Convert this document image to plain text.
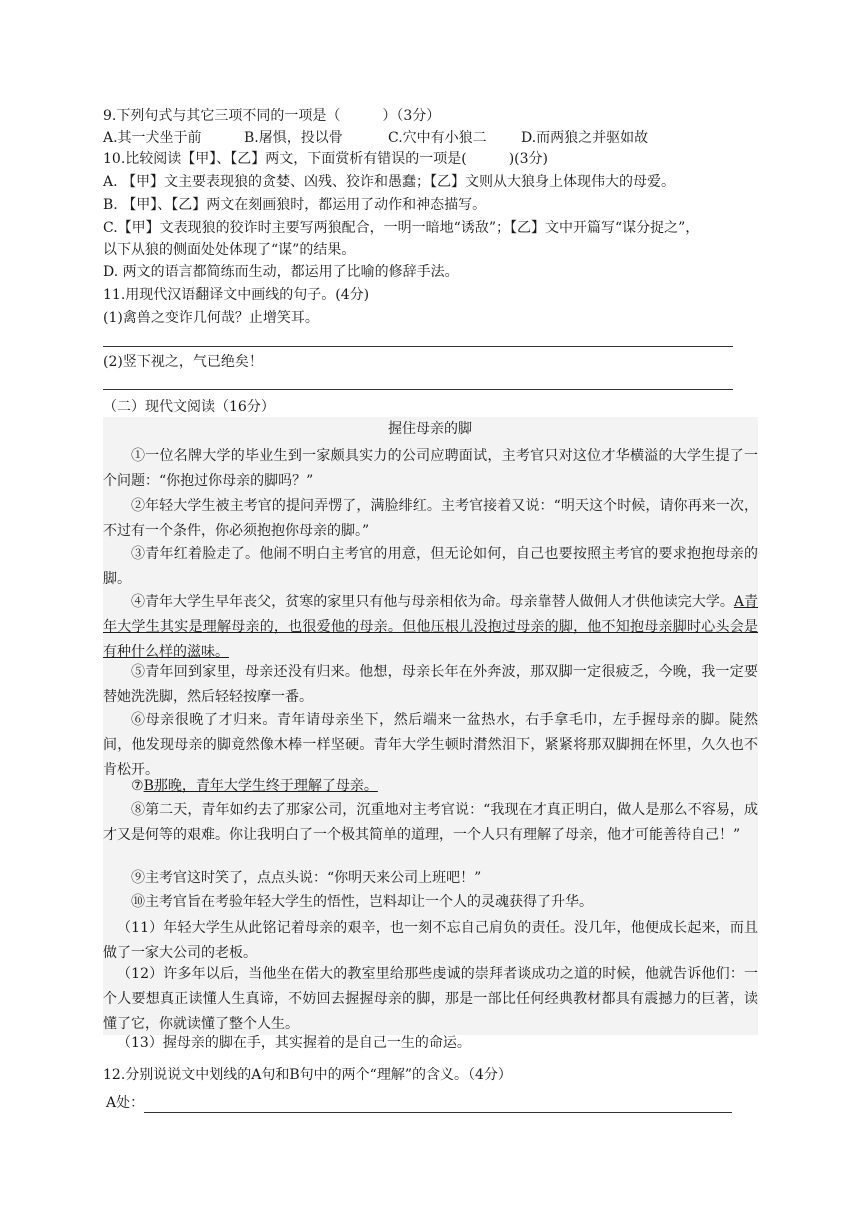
9.下列句式与其它三项不同的一项是（　　　）（3分）
A.其一犬坐于前	B.屠惧，投以骨	C.穴中有小狼二 D.而两狼之并驱如故
10.比较阅读【甲】、【乙】两文，下面赏析有错误的一项是(　　　)(3分)
A. 【甲】文主要表现狼的贪婪、凶残、狡诈和愚蠢；【乙】文则从大狼身上体现伟大的母爱。
B. 【甲】、【乙】两文在刻画狼时，都运用了动作和神态描写。
C.【甲】文表现狼的狡诈时主要写两狼配合，一明一暗地“诱敌”；【乙】文中开篇写“谋分捉之”，
以下从狼的侧面处处体现了“谋”的结果。
D. 两文的语言都简练而生动，都运用了比喻的修辞手法。
11.用现代汉语翻译文中画线的句子。(4分)
(1)禽兽之变诈几何哉？止增笑耳。
(2)竖下视之，气已绝矣！
（二）现代文阅读（16分）
握住母亲的脚
①一位名牌大学的毕业生到一家颇具实力的公司应聘面试，主考官只对这位才华横溢的大学生提了一个问题：“你抱过你母亲的脚吗？”
②年轻大学生被主考官的提问弄愣了，满脸绯红。主考官接着又说：“明天这个时候，请你再来一次，不过有一个条件，你必须抱抱你母亲的脚。”
③青年红着脸走了。他闹不明白主考官的用意，但无论如何，自己也要按照主考官的要求抱抱母亲的脚。
④青年大学生早年丧父，贫寒的家里只有他与母亲相依为命。母亲靠替人做佣人才供他读完大学。A青年大学生其实是理解母亲的，也很爱他的母亲。但他压根儿没抱过母亲的脚，他不知抱母亲脚时心头会是有种什么样的滋味。
⑤青年回到家里，母亲还没有归来。他想，母亲长年在外奔波，那双脚一定很疲乏，今晚，我一定要替她洗洗脚，然后轻轻按摩一番。
⑥母亲很晚了才归来。青年请母亲坐下，然后端来一盆热水，右手拿毛巾，左手握母亲的脚。陡然间，他发现母亲的脚竟然像木棒一样坚硬。青年大学生顿时潸然泪下，紧紧将那双脚拥在怀里，久久也不肯松开。
⑦B那晚，青年大学生终于理解了母亲。
⑧第二天，青年如约去了那家公司，沉重地对主考官说：“我现在才真正明白，做人是那么不容易，成才又是何等的艰难。你让我明白了一个极其简单的道理，一个人只有理解了母亲，他才可能善待自己！”
⑨主考官这时笑了，点点头说：“你明天来公司上班吧！”
⑩主考官旨在考验年轻大学生的悟性，岂料却让一个人的灵魂获得了升华。
（11）年轻大学生从此铭记着母亲的艰辛，也一刻不忘自己肩负的责任。没几年，他便成长起来，而且做了一家大公司的老板。
（12）许多年以后，当他坐在偌大的教室里给那些虔诚的崇拜者谈成功之道的时候，他就告诉他们：一个人要想真正读懂人生真谛，不妨回去握握母亲的脚，那是一部比任何经典教材都具有震撼力的巨著，读懂了它，你就读懂了整个人生。
（13）握母亲的脚在手，其实握着的是自己一生的命运。
12.分别说说文中划线的A句和B句中的两个“理解”的含义。（4分）
A处：
